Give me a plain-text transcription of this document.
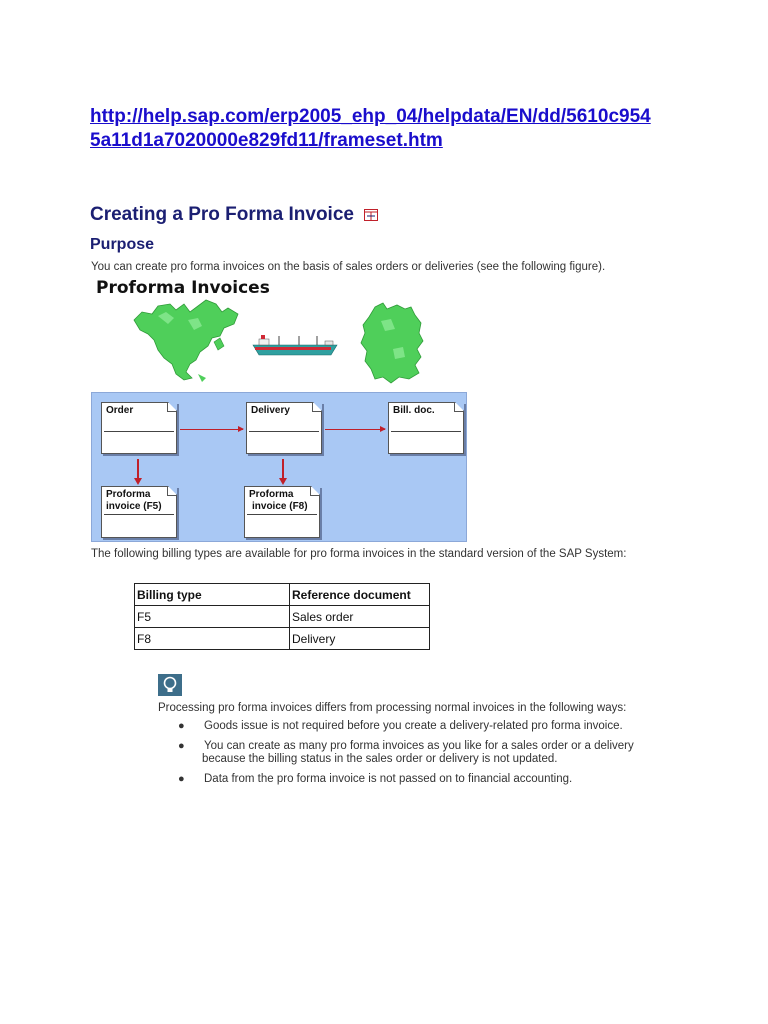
http://help.sap.com/erp2005_ehp_04/helpdata/EN/dd/5610c954
5a11d1a7020000e829fd11/frameset.htm
Creating a Pro Forma Invoice
Purpose

You can create pro forma invoices on the basis of sales orders or deliveries (see the following figure).

Proforma Invoices
Order	Delivery	Bill. doc.
Proforma
invoice (F5)
Proforma
invoice (F8)

The following billing types are available for pro forma invoices in the standard version of the SAP System:

Billing type	Reference document
F5	Sales order
F8	Delivery
Processing pro forma invoices differs from processing normal invoices in the following ways:
● Goods issue is not required before you create a delivery-related pro forma invoice.
● You can create as many pro forma invoices as you like for a sales order or a delivery
because the billing status in the sales order or delivery is not updated.
● Data from the pro forma invoice is not passed on to financial accounting.
